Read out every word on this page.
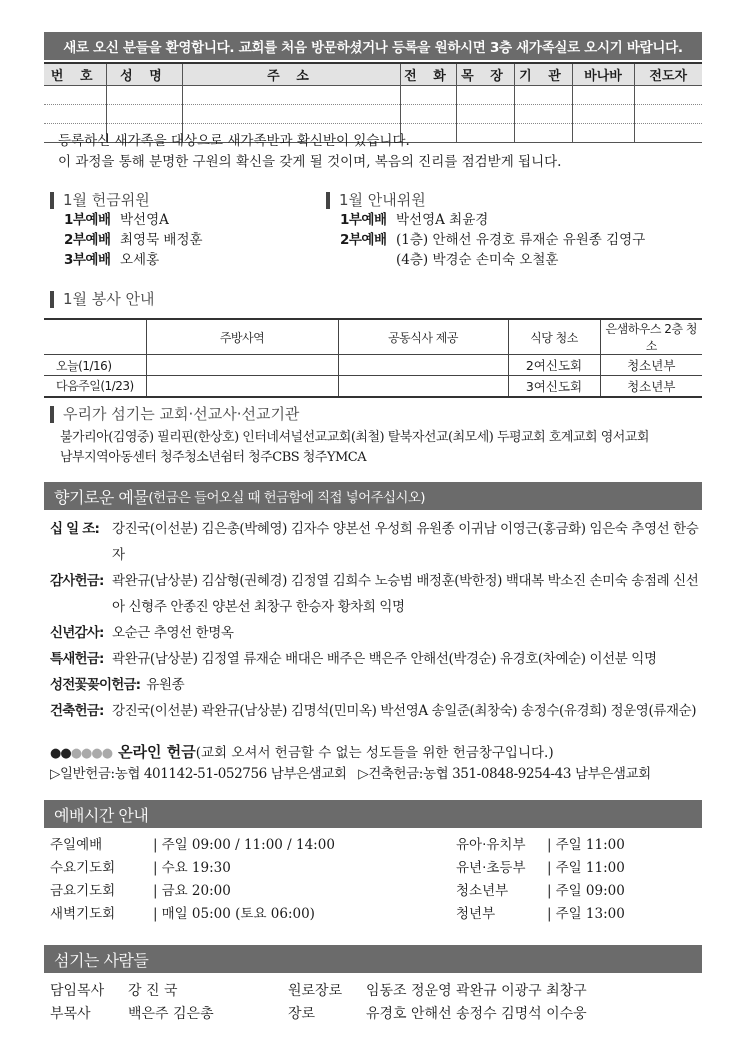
새로 오신 분들을 환영합니다. 교회를 처음 방문하셨거나 등록을 원하시면 3층 새가족실로 오시기 바랍니다.
번 호	성 명	주 소	전 화	목 장	기 관	바나바	전도자

등록하신 새가족을 대상으로 새가족반과 확신반이 있습니다.
이 과정을 통해 분명한 구원의 확신을 갖게 될 것이며, 복음의 진리를 점검받게 됩니다.
1월 헌금위원
1부예배 박선영A
2부예배 최영묵 배정훈
3부예배 오세홍
1월 안내위원
1부예배 박선영A 최윤경
2부예배 (1층) 안해선 유경호 류재순 유원종 김영구
(4층) 박경순 손미숙 오철훈
1월 봉사 안내
	주방사역	공동식사 제공	식당 청소	은샘하우스 2층 청소
오늘(1/16)			2여신도회	청소년부
다음주일(1/23)			3여신도회	청소년부
우리가 섬기는 교회·선교사·선교기관
불가리아(김영중) 필리핀(한상호) 인터네셔널선교교회(최철) 탈북자선교(최모세) 두평교회 호계교회 영서교회
남부지역아동센터 청주청소년쉼터 청주CBS 청주YMCA
향기로운 예물 (헌금은 들어오실 때 헌금함에 직접 넣어주십시오)
십 일 조: 강진국(이선분) 김은총(박혜영) 김자수 양본선 우성희 유원종 이귀남 이영근(홍금화) 임은숙 추영선 한승자
감사헌금: 곽완규(남상분) 김삼형(권혜경) 김정열 김희수 노승범 배정훈(박한정) 백대복 박소진 손미숙 송점례 신선아 신형주 안종진 양본선 최창구 한승자 황차희 익명
신년감사: 오순근 추영선 한명옥
특새헌금: 곽완규(남상분) 김정열 류재순 배대은 배주은 백은주 안해선(박경순) 유경호(차예순) 이선분 익명
성전꽃꽂이헌금: 유원종
건축헌금: 강진국(이선분) 곽완규(남상분) 김명석(민미옥) 박선영A 송일준(최창숙) 송정수(유경희) 정운영(류재순)
●●●●●● 온라인 헌금(교회 오셔서 헌금할 수 없는 성도들을 위한 헌금창구입니다.)
▷일반헌금:농협 401142-51-052756 남부은샘교회   ▷건축헌금:농협 351-0848-9254-43 남부은샘교회
예배시간 안내
주일예배	| 주일 09:00 / 11:00 / 14:00
수요기도회	| 수요 19:30
금요기도회	| 금요 20:00
새벽기도회	| 매일 05:00 (토요 06:00)
유아·유치부	| 주일 11:00
유년·초등부	| 주일 11:00
청소년부	| 주일 09:00
청년부	| 주일 13:00
섬기는 사람들
담임목사	강 진 국
부목사	백은주 김은총
원로장로	임동조 정운영 곽완규 이광구 최창구
장로	유경호 안해선 송정수 김명석 이수웅
